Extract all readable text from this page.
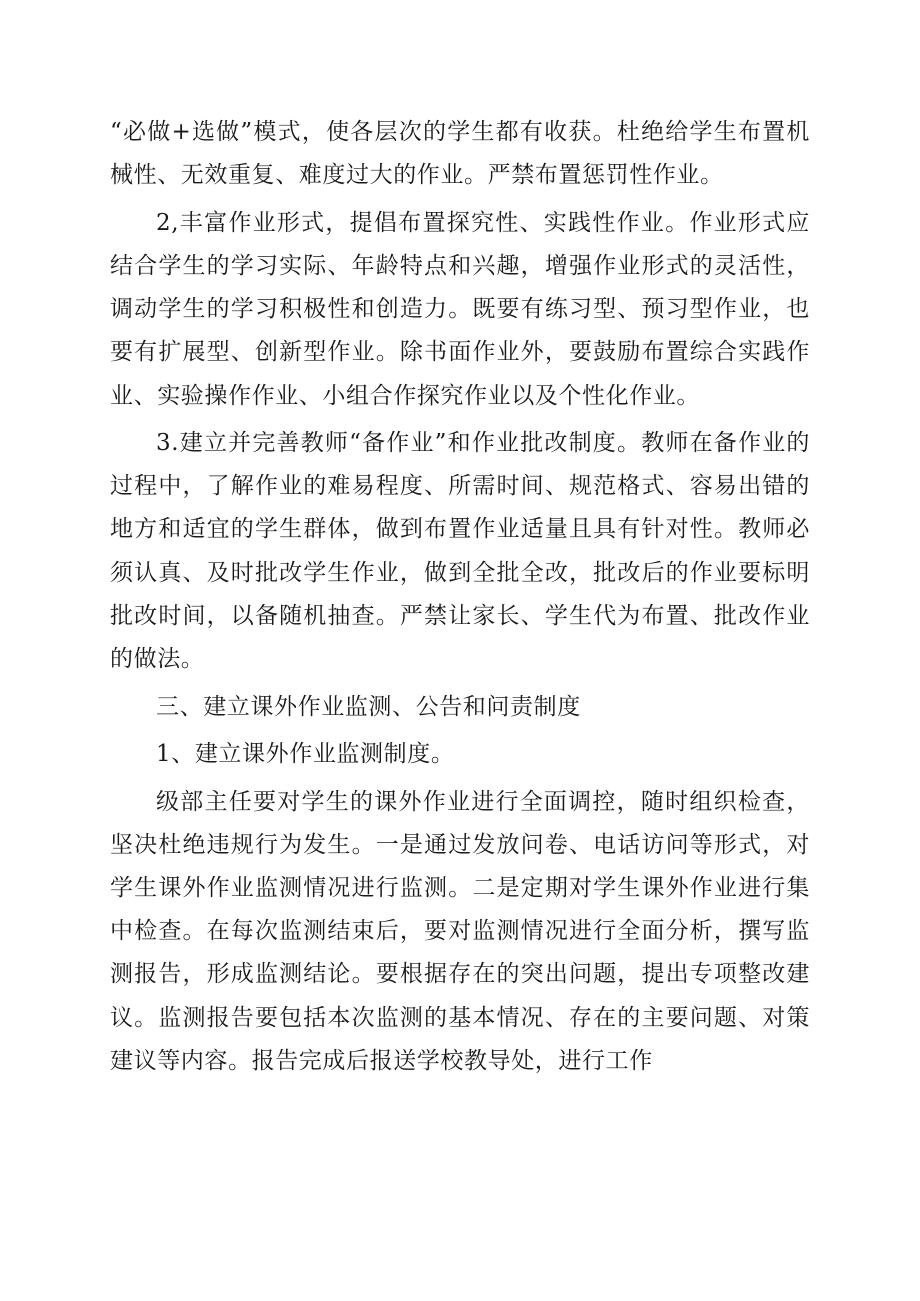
“必做+选做”模式，使各层次的学生都有收获。杜绝给学生布置机械性、无效重复、难度过大的作业。严禁布置惩罚性作业。

2,丰富作业形式，提倡布置探究性、实践性作业。作业形式应结合学生的学习实际、年龄特点和兴趣，增强作业形式的灵活性，调动学生的学习积极性和创造力。既要有练习型、预习型作业，也要有扩展型、创新型作业。除书面作业外，要鼓励布置综合实践作业、实验操作作业、小组合作探究作业以及个性化作业。

3.建立并完善教师“备作业”和作业批改制度。教师在备作业的过程中，了解作业的难易程度、所需时间、规范格式、容易出错的地方和适宜的学生群体，做到布置作业适量且具有针对性。教师必须认真、及时批改学生作业，做到全批全改，批改后的作业要标明批改时间，以备随机抽查。严禁让家长、学生代为布置、批改作业的做法。

三、建立课外作业监测、公告和问责制度

1、建立课外作业监测制度。

级部主任要对学生的课外作业进行全面调控，随时组织检查，坚决杜绝违规行为发生。一是通过发放问卷、电话访问等形式，对学生课外作业监测情况进行监测。二是定期对学生课外作业进行集中检查。在每次监测结束后，要对监测情况进行全面分析，撰写监测报告，形成监测结论。要根据存在的突出问题，提出专项整改建议。监测报告要包括本次监测的基本情况、存在的主要问题、对策建议等内容。报告完成后报送学校教导处，进行工作
